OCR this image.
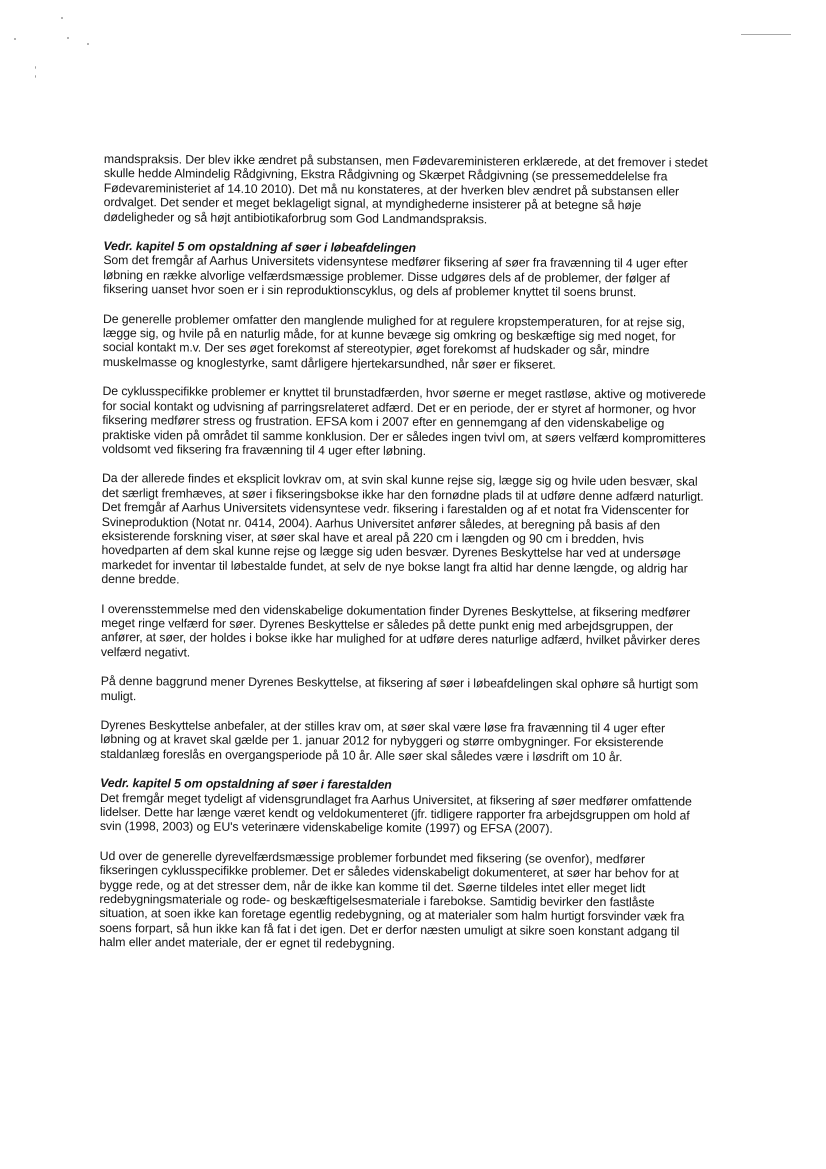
mandspraksis. Der blev ikke ændret på substansen, men Fødevareministeren erklærede, at det fremover i stedet skulle hedde Almindelig Rådgivning, Ekstra Rådgivning og Skærpet Rådgivning (se pressemeddelelse fra Fødevareministeriet af 14.10 2010). Det må nu konstateres, at der hverken blev ændret på substansen eller ordvalget. Det sender et meget beklageligt signal, at myndighederne insisterer på at betegne så høje dødeligheder og så højt antibiotikaforbrug som God Landmandspraksis.

Vedr. kapitel 5 om opstaldning af søer i løbeafdelingen

Som det fremgår af Aarhus Universitets vidensyntese medfører fiksering af søer fra fravænning til 4 uger efter løbning en række alvorlige velfærdsmæssige problemer. Disse udgøres dels af de problemer, der følger af fiksering uanset hvor soen er i sin reproduktionscyklus, og dels af problemer knyttet til soens brunst.

De generelle problemer omfatter den manglende mulighed for at regulere kropstemperaturen, for at rejse sig, lægge sig, og hvile på en naturlig måde, for at kunne bevæge sig omkring og beskæftige sig med noget, for social kontakt m.v. Der ses øget forekomst af stereotypier, øget forekomst af hudskader og sår, mindre muskelmasse og knoglestyrke, samt dårligere hjertekarsundhed, når søer er fikseret.

De cyklusspecifikke problemer er knyttet til brunstadfærden, hvor søerne er meget rastløse, aktive og motiverede for social kontakt og udvisning af parringsrelateret adfærd. Det er en periode, der er styret af hormoner, og hvor fiksering medfører stress og frustration. EFSA kom i 2007 efter en gennemgang af den videnskabelige og praktiske viden på området til samme konklusion. Der er således ingen tvivl om, at søers velfærd kompromitteres voldsomt ved fiksering fra fravænning til 4 uger efter løbning.

Da der allerede findes et eksplicit lovkrav om, at svin skal kunne rejse sig, lægge sig og hvile uden besvær, skal det særligt fremhæves, at søer i fikseringsbokse ikke har den fornødne plads til at udføre denne adfærd naturligt. Det fremgår af Aarhus Universitets vidensyntese vedr. fiksering i farestalden og af et notat fra Videnscenter for Svineproduktion (Notat nr. 0414, 2004). Aarhus Universitet anfører således, at beregning på basis af den eksisterende forskning viser, at søer skal have et areal på 220 cm i længden og 90 cm i bredden, hvis hovedparten af dem skal kunne rejse og lægge sig uden besvær. Dyrenes Beskyttelse har ved at undersøge markedet for inventar til løbestalde fundet, at selv de nye bokse langt fra altid har denne længde, og aldrig har denne bredde.

I overensstemmelse med den videnskabelige dokumentation finder Dyrenes Beskyttelse, at fiksering medfører meget ringe velfærd for søer. Dyrenes Beskyttelse er således på dette punkt enig med arbejdsgruppen, der anfører, at søer, der holdes i bokse ikke har mulighed for at udføre deres naturlige adfærd, hvilket påvirker deres velfærd negativt.

På denne baggrund mener Dyrenes Beskyttelse, at fiksering af søer i løbeafdelingen skal ophøre så hurtigt som muligt.

Dyrenes Beskyttelse anbefaler, at der stilles krav om, at søer skal være løse fra fravænning til 4 uger efter løbning og at kravet skal gælde per 1. januar 2012 for nybyggeri og større ombygninger. For eksisterende staldanlæg foreslås en overgangsperiode på 10 år. Alle søer skal således være i løsdrift om 10 år.

Vedr. kapitel 5 om opstaldning af søer i farestalden

Det fremgår meget tydeligt af vidensgrundlaget fra Aarhus Universitet, at fiksering af søer medfører omfattende lidelser. Dette har længe været kendt og veldokumenteret (jfr. tidligere rapporter fra arbejdsgruppen om hold af svin (1998, 2003) og EU's veterinære videnskabelige komite (1997) og EFSA (2007).

Ud over de generelle dyrevelfærdsmæssige problemer forbundet med fiksering (se ovenfor), medfører fikseringen cyklusspecifikke problemer. Det er således videnskabeligt dokumenteret, at søer har behov for at bygge rede, og at det stresser dem, når de ikke kan komme til det. Søerne tildeles intet eller meget lidt redebygningsmateriale og rode- og beskæftigelsesmateriale i farebokse. Samtidig bevirker den fastlåste situation, at soen ikke kan foretage egentlig redebygning, og at materialer som halm hurtigt forsvinder væk fra soens forpart, så hun ikke kan få fat i det igen. Det er derfor næsten umuligt at sikre soen konstant adgang til halm eller andet materiale, der er egnet til redebygning.
